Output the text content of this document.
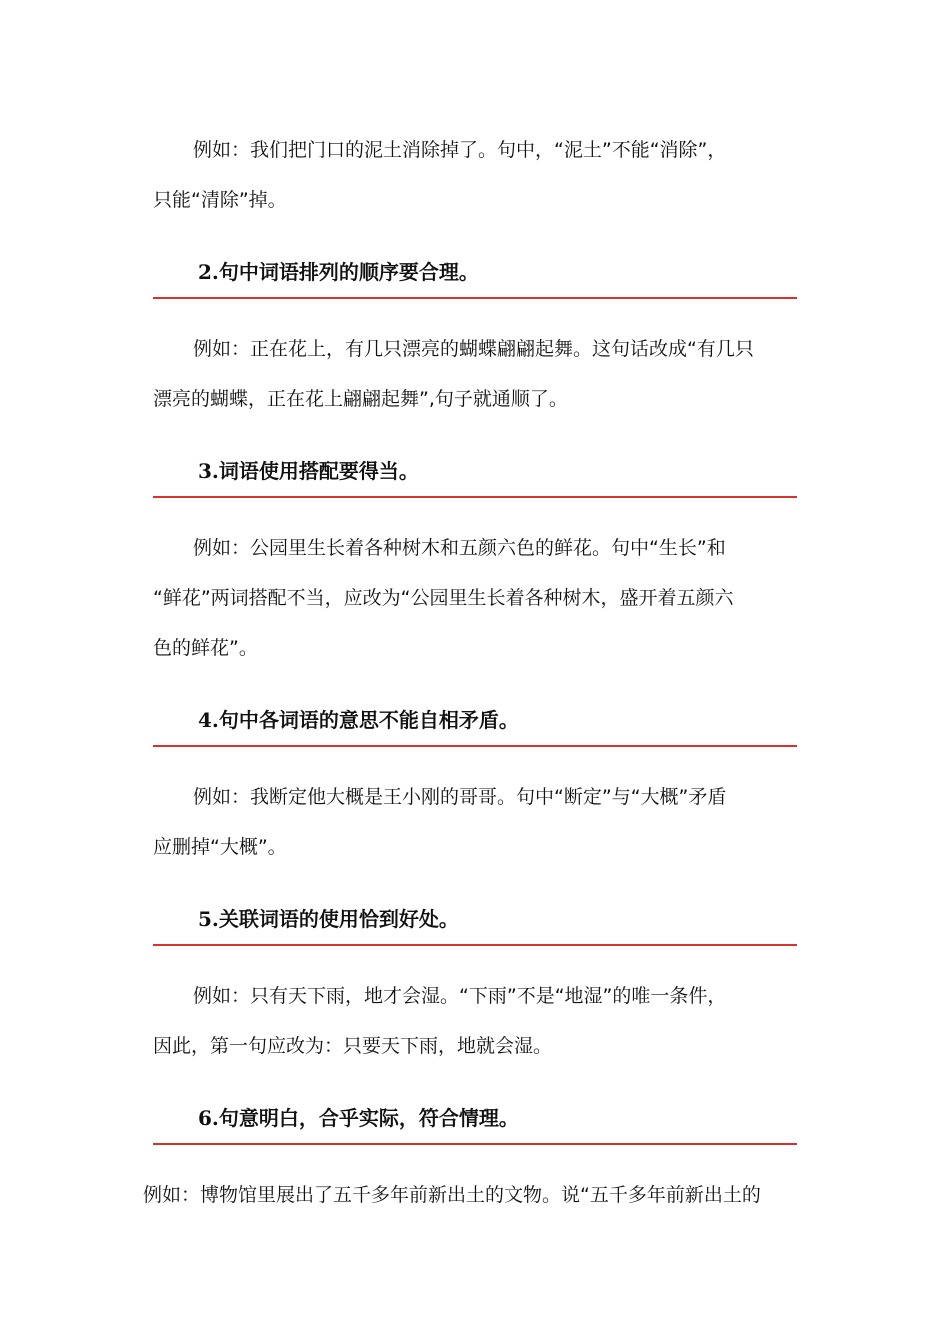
例如：我们把门口的泥土消除掉了。句中，“泥土”不能“消除”，
只能“清除”掉。

2.句中词语排列的顺序要合理。

例如：正在花上，有几只漂亮的蝴蝶翩翩起舞。这句话改成“有几只
漂亮的蝴蝶，正在花上翩翩起舞”,句子就通顺了。

3.词语使用搭配要得当。

例如：公园里生长着各种树木和五颜六色的鲜花。句中“生长”和
“鲜花”两词搭配不当，应改为“公园里生长着各种树木，盛开着五颜六
色的鲜花”。

4.句中各词语的意思不能自相矛盾。

例如：我断定他大概是王小刚的哥哥。句中“断定”与“大概”矛盾
应删掉“大概”。

5.关联词语的使用恰到好处。

例如：只有天下雨，地才会湿。“下雨”不是“地湿”的唯一条件，
因此，第一句应改为：只要天下雨，地就会湿。

6.句意明白，合乎实际，符合情理。

例如：博物馆里展出了五千多年前新出土的文物。说“五千多年前新出土的
